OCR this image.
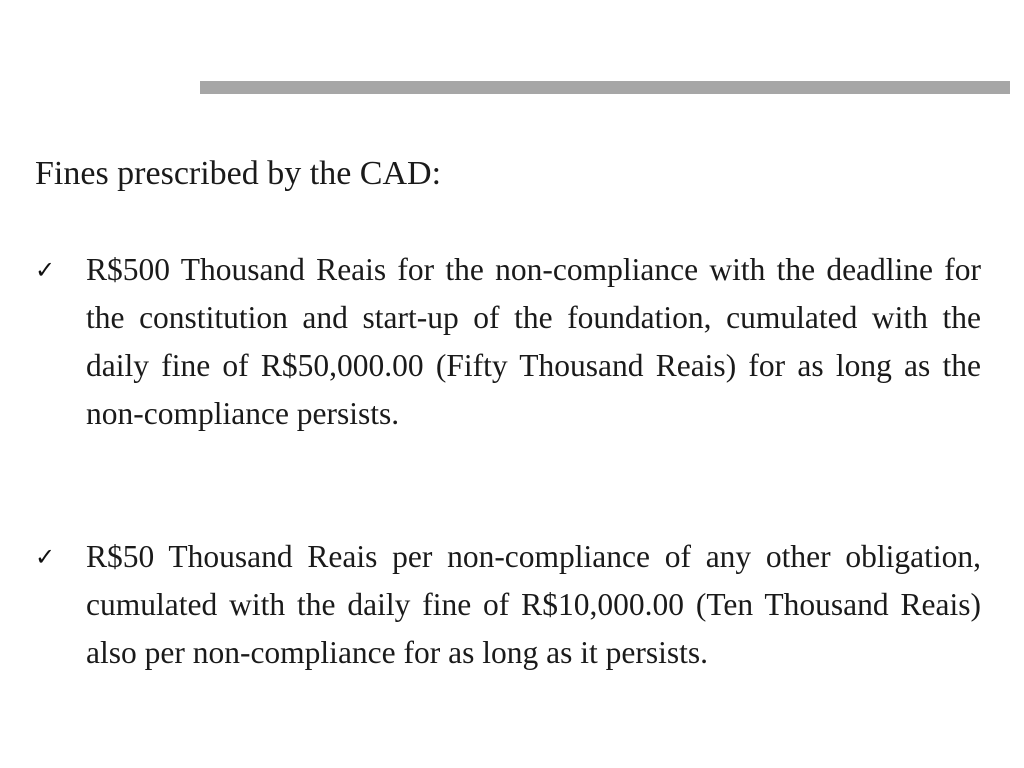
Fines prescribed by the CAD:
✓ R$500 Thousand Reais for the non-compliance with the deadline for the constitution and start-up of the foundation, cumulated with the daily fine of R$50,000.00 (Fifty Thousand Reais) for as long as the non-compliance persists.
✓ R$50 Thousand Reais per non-compliance of any other obligation, cumulated with the daily fine of R$10,000.00 (Ten Thousand Reais) also per non-compliance for as long as it persists.
